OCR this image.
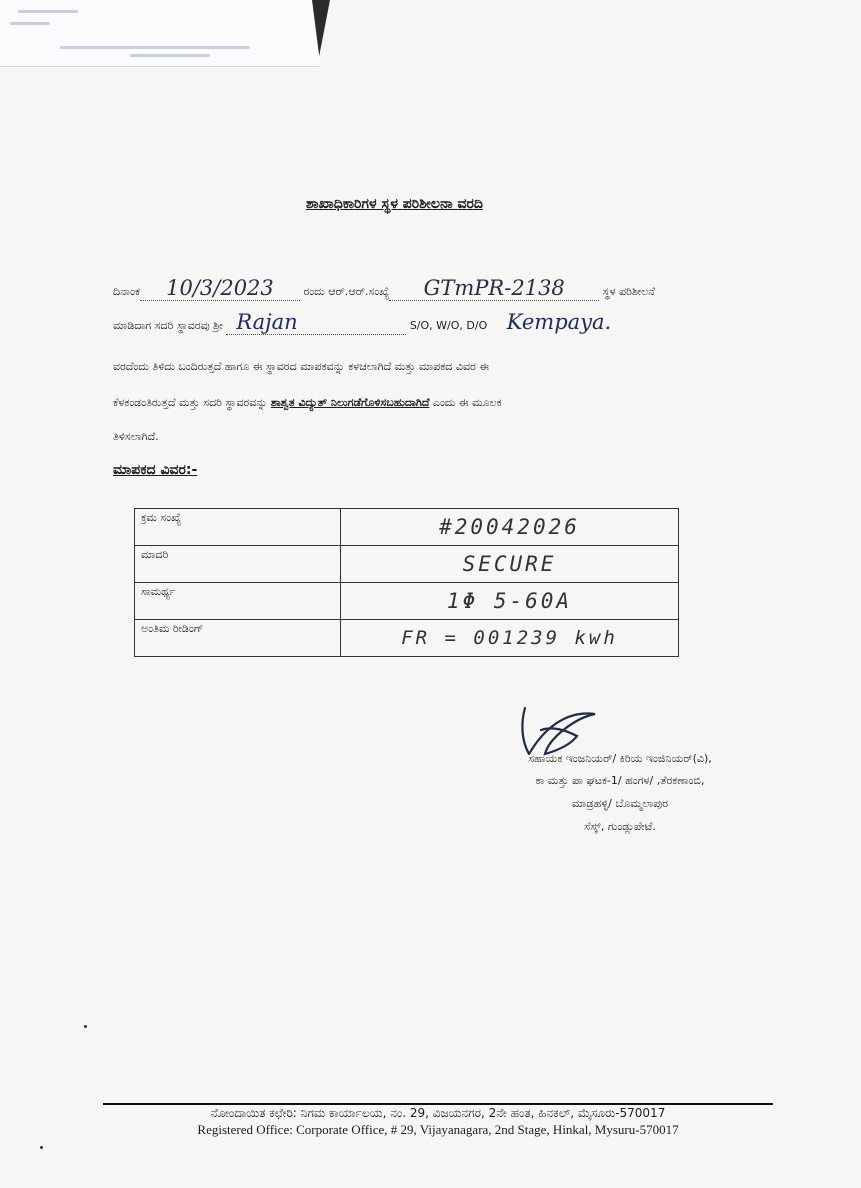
ಶಾಖಾಧಿಕಾರಿಗಳ ಸ್ಥಳ ಪರಿಶೀಲನಾ ವರದಿ
ದಿನಾಂಕ 10/3/2023	ರಂದು ಆರ್.ಆರ್.ಸಂಖ್ಯೆ GTmPR-2138	ಸ್ಥಳ ಪರಿಶೀಲನೆ
ಮಾಡಿದಾಗ ಸದರಿ ಸ್ಥಾವರವು ಶ್ರೀ Rajan	S/O, W/O, D/O Kempaya.
ವರದೆಂದು ತಿಳಿದು ಬಂದಿರುತ್ತದೆ ಹಾಗೂ ಈ ಸ್ಥಾವರದ ಮಾಪಕವನ್ನು ಕಳಚಲಾಗಿದೆ ಮತ್ತು ಮಾಪಕದ ವಿವರ ಈ
ಕೆಳಕಂಡಂತಿರುತ್ತದೆ ಮತ್ತು ಸದರಿ ಸ್ಥಾವರವನ್ನು ಶಾಶ್ವತ ವಿದ್ಯುತ್ ನಿಲುಗಡೆಗೊಳಿಸಬಹುದಾಗಿದೆ ಎಂದು ಈ ಮೂಲಕ
ತಿಳಿಸಲಾಗಿದೆ.
ಮಾಪಕದ ವಿವರ:-
ಕ್ರಮ ಸಂಖ್ಯೆ	#20042026
ಮಾದರಿ	SECURE
ಸಾಮರ್ಥ್ಯ	1Φ 5-60A
ಅಂತಿಮ ರೀಡಿಂಗ್	FR = 001239 kwh
ಸಹಾಯಕ ಇಂಜನಿಯರ್/ ಕಿರಿಯ ಇಂಜಿನಿಯರ್(ವಿ),
ಕಾ ಮತ್ತು ಪಾ ಘಟಕ-1/ ಹಂಗಳ/ ,ತೆರಕಣಾಂಬಿ,
ಮಾಡ್ರಹಳ್ಳಿ/ ಬೊಮ್ಮಲಾಪುರ
ಸೆಸ್ಕ್, ಗುಂಡ್ಲುಪೇಟೆ.
ನೋಂದಾಯಿತ ಕಛೇರಿ: ನಿಗಮ ಕಾರ್ಯಾಲಯ, ನಂ. 29, ವಿಜಯನಗರ, 2ನೇ ಹಂತ, ಹಿನಕಲ್, ಮೈಸೂರು-570017
Registered Office: Corporate Office, # 29, Vijayanagara, 2nd Stage, Hinkal, Mysuru-570017
